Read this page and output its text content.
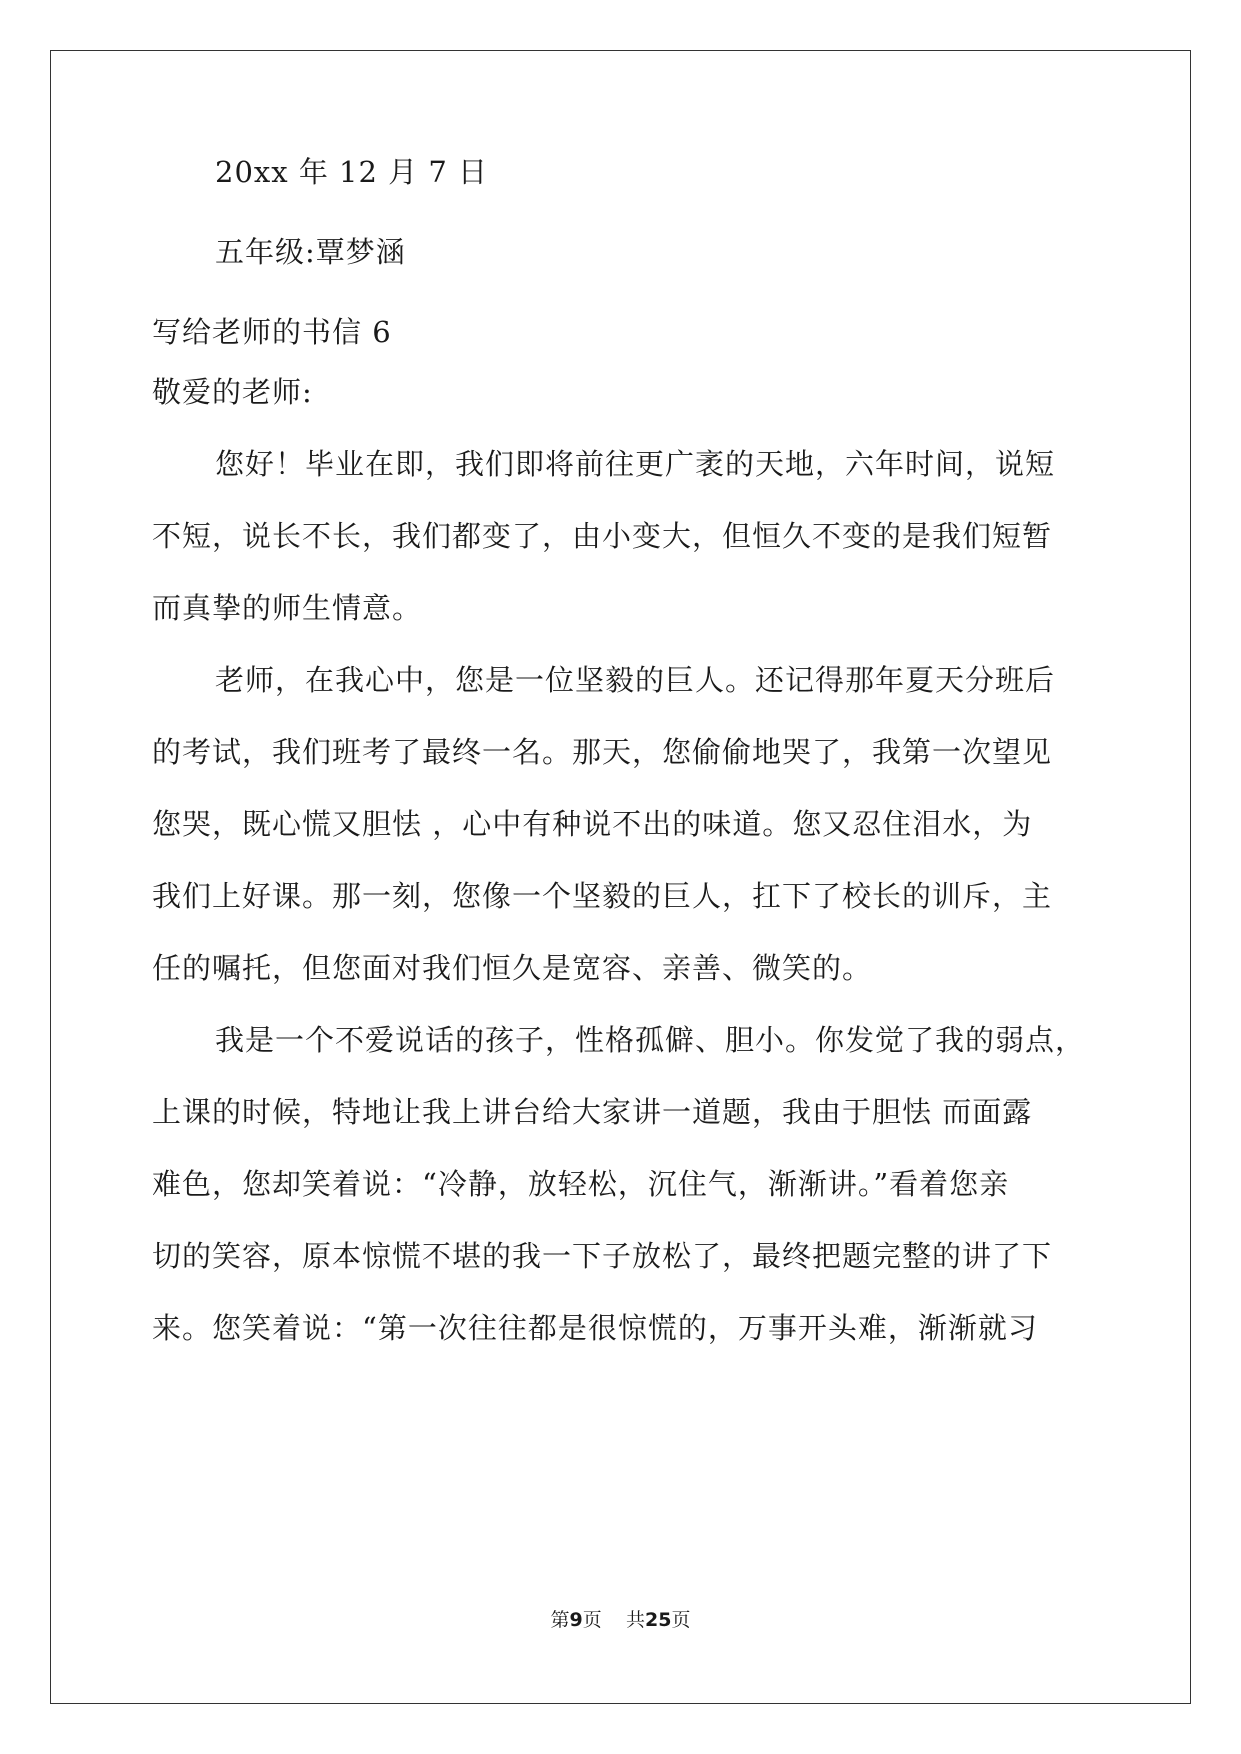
20xx 年 12 月 7 日
五年级:覃梦涵
写给老师的书信 6
敬爱的老师:
您好！毕业在即，我们即将前往更广袤的天地，六年时间，说短
不短，说长不长，我们都变了，由小变大，但恒久不变的是我们短暂
而真挚的师生情意。
老师，在我心中，您是一位坚毅的巨人。还记得那年夏天分班后
的考试，我们班考了最终一名。那天，您偷偷地哭了，我第一次望见
您哭，既心慌又胆怯 ，心中有种说不出的味道。您又忍住泪水，为
我们上好课。那一刻，您像一个坚毅的巨人，扛下了校长的训斥，主
任的嘱托，但您面对我们恒久是宽容、亲善、微笑的。
我是一个不爱说话的孩子，性格孤僻、胆小。你发觉了我的弱点，
上课的时候，特地让我上讲台给大家讲一道题，我由于胆怯 而面露
难色，您却笑着说：“冷静，放轻松，沉住气，渐渐讲。”看着您亲
切的笑容，原本惊慌不堪的我一下子放松了，最终把题完整的讲了下
来。您笑着说：“第一次往往都是很惊慌的，万事开头难，渐渐就习
第9页 共25页
